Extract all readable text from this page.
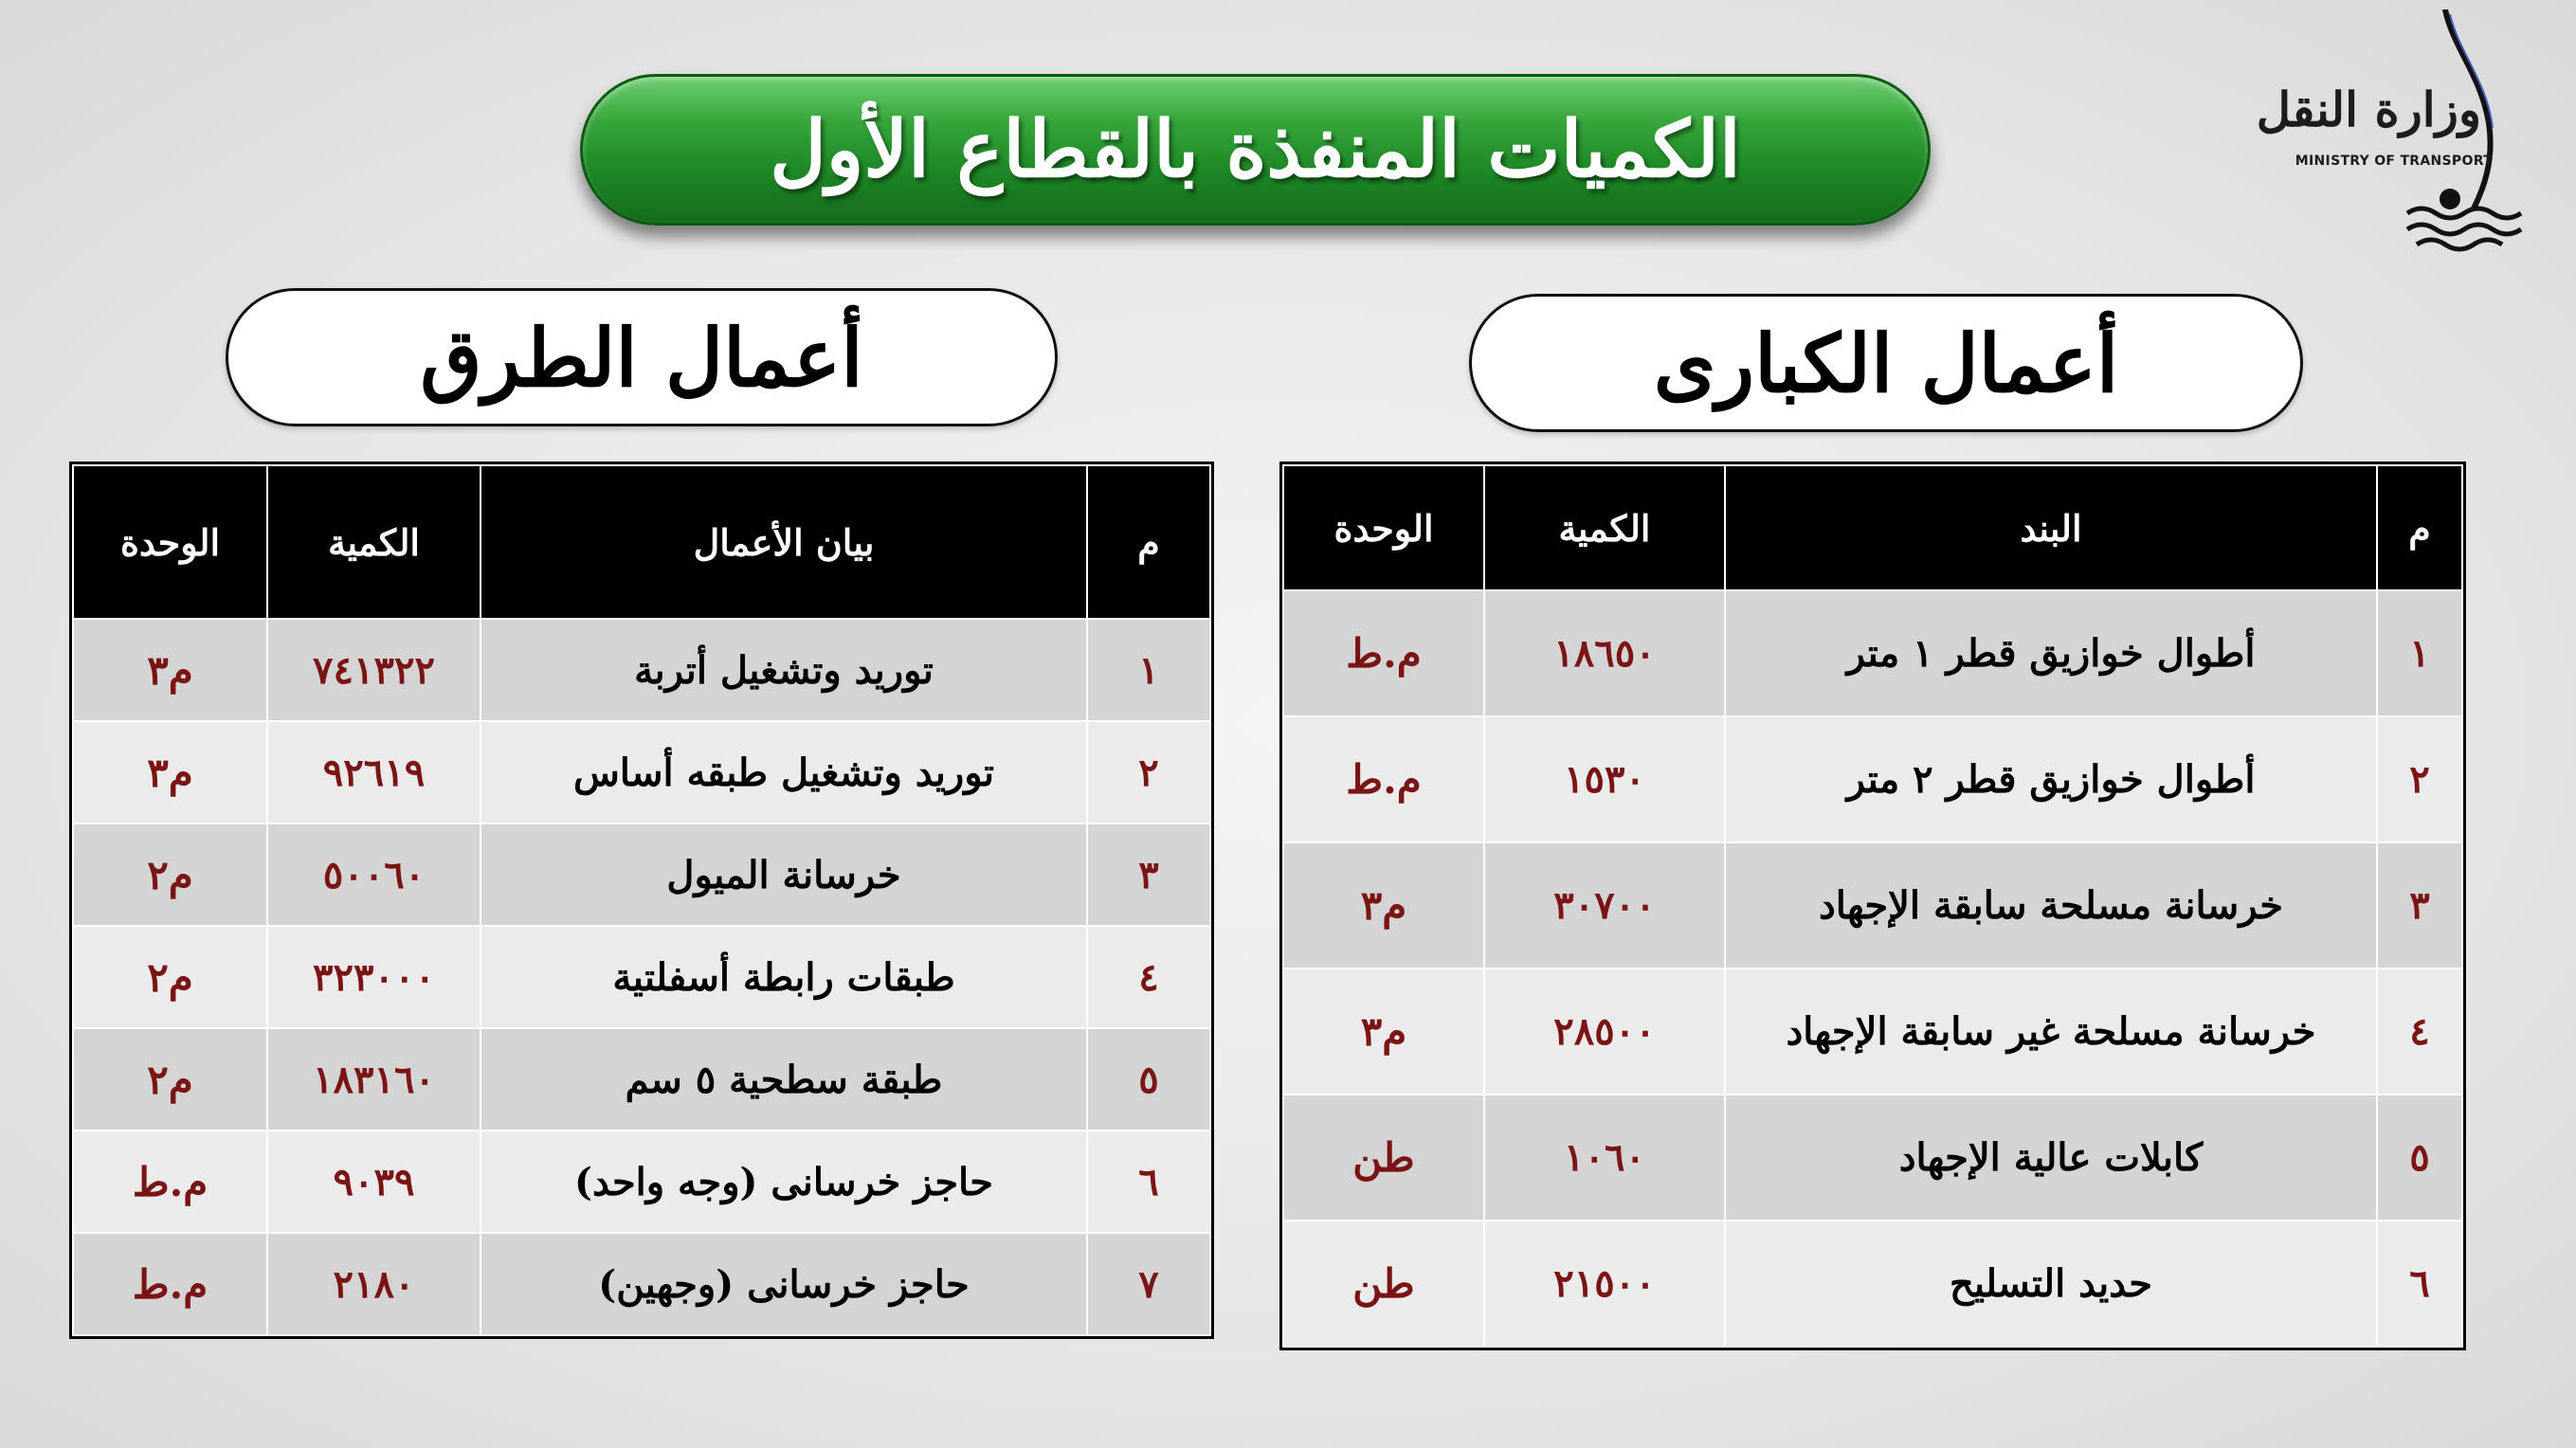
وزارة النقل
MINISTRY OF TRANSPORT
الكميات المنفذة بالقطاع الأول
أعمال الطرق	أعمال الكبارى
م	بيان الأعمال	الكمية	الوحدة
١	توريد وتشغيل أتربة	٧٤١٣٢٢	م٣
٢	توريد وتشغيل طبقه أساس	٩٢٦١٩	م٣
٣	خرسانة الميول	٥٠٠٦٠	م٢
٤	طبقات رابطة أسفلتية	٣٢٣٠٠٠	م٢
٥	طبقة سطحية ٥ سم	١٨٣١٦٠	م٢
٦	حاجز خرسانى (وجه واحد)	٩٠٣٩	م.ط
٧	حاجز خرسانى (وجهين)	٢١٨٠	م.ط
م	البند	الكمية	الوحدة
١	أطوال خوازيق قطر ١ متر	١٨٦٥٠	م.ط
٢	أطوال خوازيق قطر ٢ متر	١٥٣٠	م.ط
٣	خرسانة مسلحة سابقة الإجهاد	٣٠٧٠٠	م٣
٤	خرسانة مسلحة غير سابقة الإجهاد	٢٨٥٠٠	م٣
٥	كابلات عالية الإجهاد	١٠٦٠	طن
٦	حديد التسليح	٢١٥٠٠	طن
